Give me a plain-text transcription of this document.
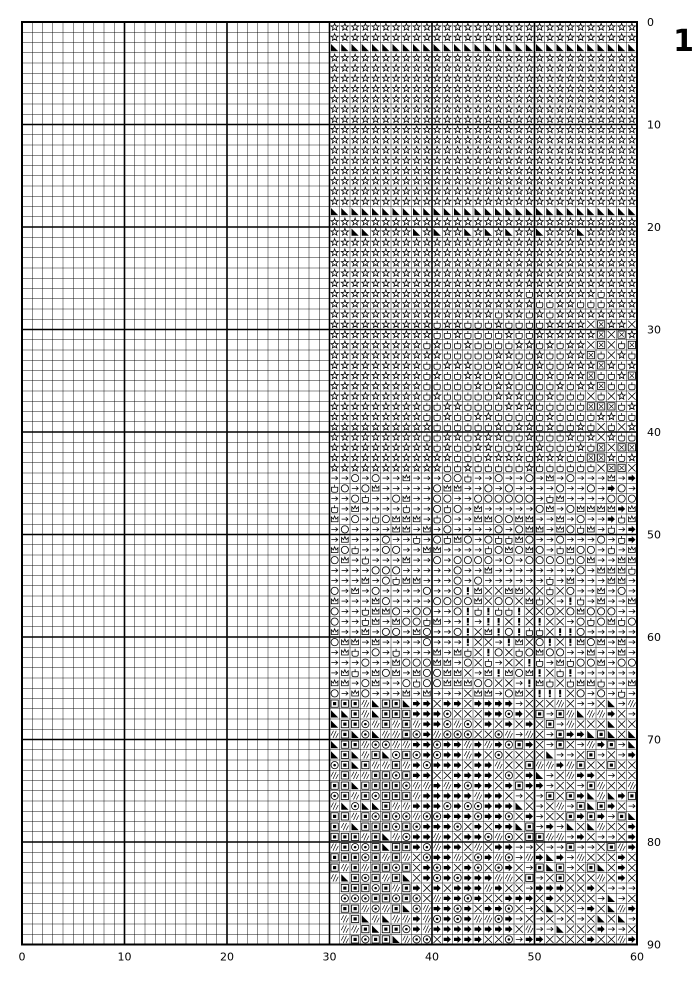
0	10	20	30	40	50	60
0
10
20
30
40
50
60
70
80
90
1
